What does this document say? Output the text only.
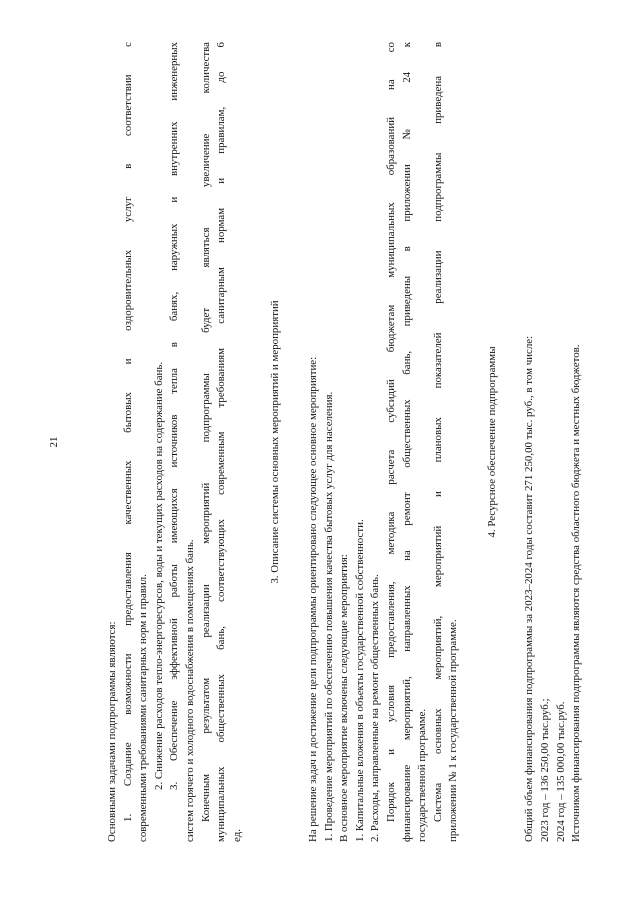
21

Основными задачами подпрограммы являются: 1. Создание возможности предоставления качественных бытовых и оздоровительных услуг в соответствии с современными требованиями санитарных норм и правил. 2. Снижение расходов тепло-энергоресурсов, воды и текущих расходов на содержание бань. 3. Обеспечение эффективной работы имеющихся источников тепла в банях, наружных и внутренних инженерных систем горячего и холодного водоснабжения в помещениях бань. Конечным результатом реализации мероприятий подпрограммы будет являться увеличение количества муниципальных общественных бань, соответствующих современным требованиям санитарным нормам и правилам, до 6 ед.

3. Описание системы основных мероприятий и мероприятий На решение задач и достижение цели подпрограммы ориентировано следующее основное мероприятие: 1. Проведение мероприятий по обеспечению повышения качества бытовых услуг для населения. В основное мероприятие включены следующие мероприятия: 1. Капитальные вложения в объекты государственной собственности. 2. Расходы, направленные на ремонт общественных бань. Порядок и условия предоставления, методика расчета субсидий бюджетам муниципальных образований на со финансирование мероприятий, направленных на ремонт общественных бань, приведены в приложении № 24 к государственной программе. Система основных мероприятий, мероприятий и плановых показателей реализации подпрограммы приведена в приложении № 1 к государственной программе.

4. Ресурсное обеспечение подпрограммы Общий объем финансирования подпрограммы за 2023–2024 годы составит 271 250,00 тыс. руб., в том числе: 2023 год – 136 250,00 тыс.руб.; 2024 год – 135 000,00 тыс.руб. Источником финансирования подпрограммы являются средства областного бюджета и местных бюджетов.
